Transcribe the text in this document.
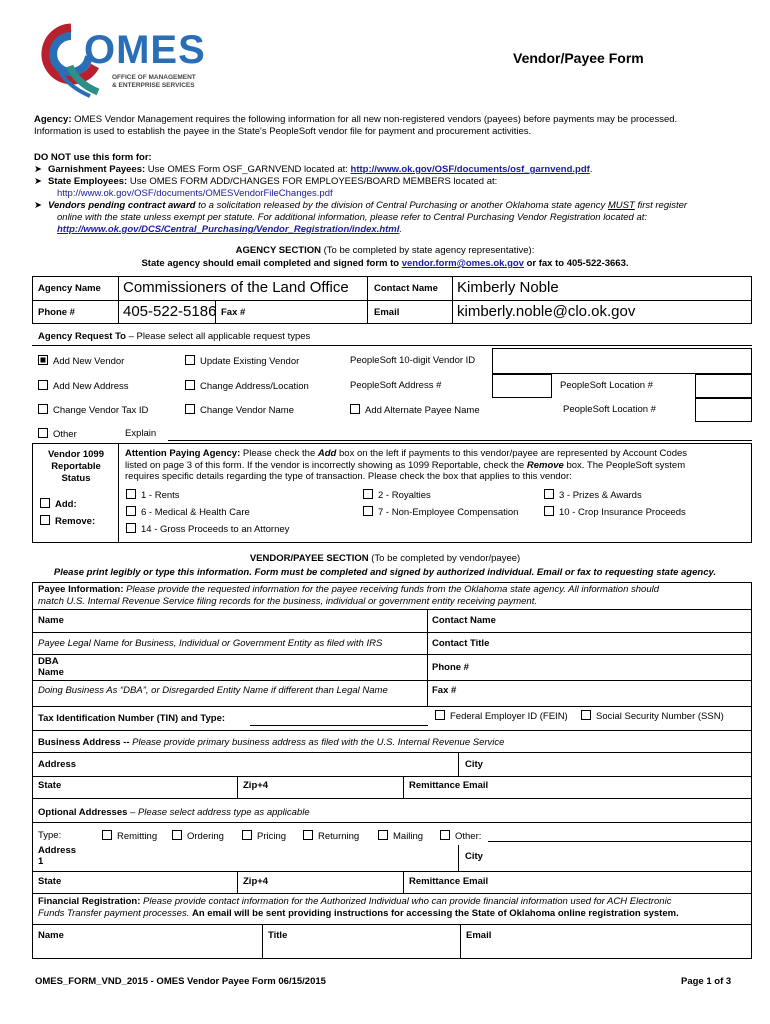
OMES
OFFICE OF MANAGEMENT
& ENTERPRISE SERVICES
Vendor/Payee Form
Agency: OMES Vendor Management requires the following information for all new non-registered vendors (payees) before payments may be processed.
Information is used to establish the payee in the State's PeopleSoft vendor file for payment and procurement activities.
DO NOT use this form for:
➤ Garnishment Payees: Use OMES Form OSF_GARNVEND located at: http://www.ok.gov/OSF/documents/osf_garnvend.pdf.
➤ State Employees: Use OMES FORM ADD/CHANGES FOR EMPLOYEES/BOARD MEMBERS located at:
http://www.ok.gov/OSF/documents/OMESVendorFileChanges.pdf
➤ Vendors pending contract award to a solicitation released by the division of Central Purchasing or another Oklahoma state agency MUST first register
online with the state unless exempt per statute. For additional information, please refer to Central Purchasing Vendor Registration located at:
http://www.ok.gov/DCS/Central_Purchasing/Vendor_Registration/index.html.
AGENCY SECTION (To be completed by state agency representative):
State agency should email completed and signed form to vendor.form@omes.ok.gov or fax to 405-522-3663.
Agency Name Commissioners of the Land Office	Contact Name Kimberly Noble
Phone #	405-522-5186 Fax #	Email	kimberly.noble@clo.ok.gov
Agency Request To – Please select all applicable request types
Add New Vendor	Update Existing Vendor	PeopleSoft 10-digit Vendor ID
Add New Address	Change Address/Location	PeopleSoft Address #	PeopleSoft Location #
Change Vendor Tax ID	Change Vendor Name	Add Alternate Payee Name	PeopleSoft Location #
Other	Explain
Vendor 1099
Reportable
Status
Add:
Remove:
Attention Paying Agency: Please check the Add box on the left if payments to this vendor/payee are represented by Account Codes
listed on page 3 of this form. If the vendor is incorrectly showing as 1099 Reportable, check the Remove box. The PeopleSoft system
requires specific details regarding the type of transaction. Please check the box that applies to this vendor:
1 - Rents	2 - Royalties	3 - Prizes & Awards
6 - Medical & Health Care	7 - Non-Employee Compensation	10 - Crop Insurance Proceeds
14 - Gross Proceeds to an Attorney
VENDOR/PAYEE SECTION (To be completed by vendor/payee)
Please print legibly or type this information. Form must be completed and signed by authorized individual. Email or fax to requesting state agency.
Payee Information: Please provide the requested information for the payee receiving funds from the Oklahoma state agency. All information should
match U.S. Internal Revenue Service filing records for the business, individual or government entity receiving payment.
Name	Contact Name
Payee Legal Name for Business, Individual or Government Entity as filed with IRS	Contact Title
DBA
Name	Phone #
Doing Business As “DBA”, or Disregarded Entity Name if different than Legal Name	Fax #
Tax Identification Number (TIN) and Type:	Federal Employer ID (FEIN)	Social Security Number (SSN)
Business Address -- Please provide primary business address as filed with the U.S. Internal Revenue Service
Address	City
State	Zip+4	Remittance Email
Optional Addresses – Please select address type as applicable
Type:	Remitting	Ordering	Pricing	Returning	Mailing	Other:
Address
1	City
State	Zip+4	Remittance Email
Financial Registration: Please provide contact information for the Authorized Individual who can provide financial information used for ACH Electronic
Funds Transfer payment processes. An email will be sent providing instructions for accessing the State of Oklahoma online registration system.
Name	Title	Email
OMES_FORM_VND_2015 - OMES Vendor Payee Form 06/15/2015	Page 1 of 3
